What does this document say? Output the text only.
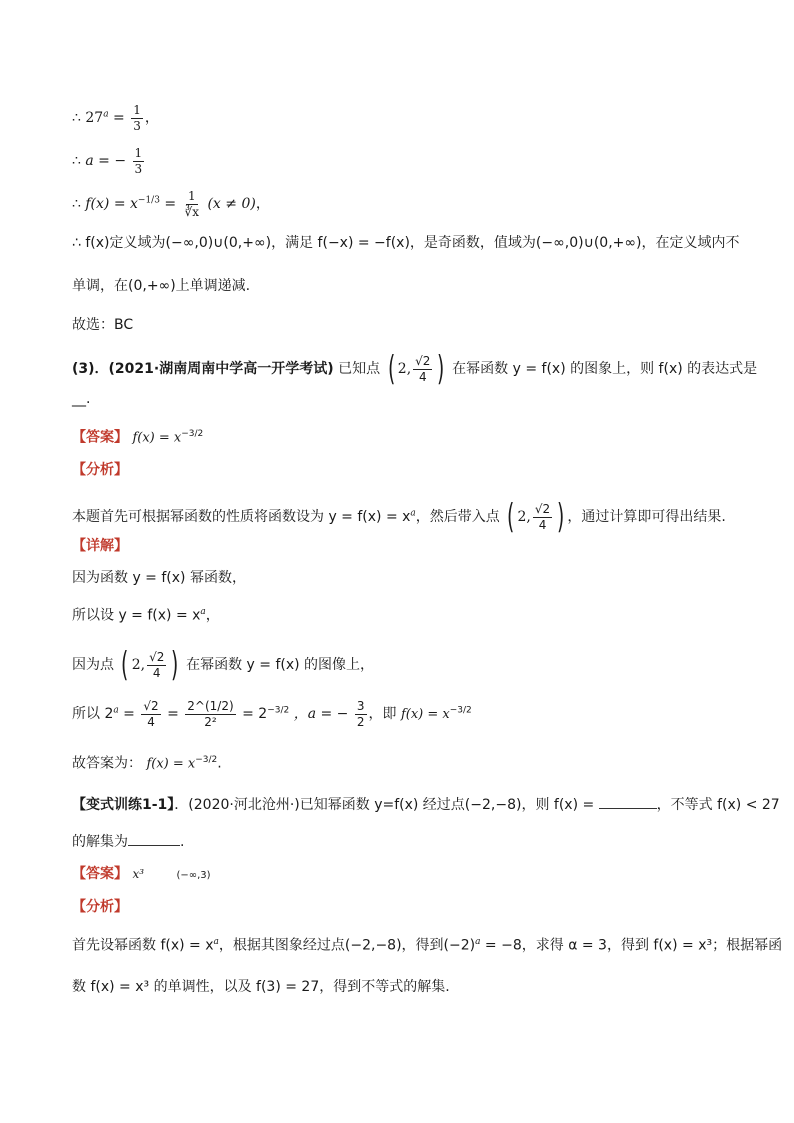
∴ $27^a = \frac{1}{3}$ ，
∴ a = − $\frac{1}{3}$
∴ $f(x) = x^{-1/3} = \frac{1}{∛x} (x \ne 0)$，
∴ f(x)定义域为(−∞,0)∪(0,+∞)，满足 f(−x) = −f(x)，是奇函数，值域为(−∞,0)∪(0,+∞)，在定义域内不
单调，在(0,+∞)上单调递减.
故选：BC
(3)．(2021·湖南周南中学高一开学考试) 已知点 ( 2, $\frac{√2}{4}$ ) 在幂函数 y = f(x) 的图象上，则 f(x) 的表达式是
__.
【答案】 $f(x) = x^{-3/2}$
【分析】
本题首先可根据幂函数的性质将函数设为 $y = f(x) = x^a$，然后带入点 ( 2, $\frac{√2}{4}$ ) ，通过计算即可得出结果.
【详解】
因为函数 y = f(x) 幂函数，
所以设 $y = f(x) = x^a$，
因为点 ( 2, $\frac{√2}{4}$ ) 在幂函数 y = f(x) 的图像上，
所以 $2^a = \frac{√2}{4} = \frac{2\^{}(1/2)}{\text{2²}} = 2^{-3/2}$ ，a = − $\frac{3}{2}$ ，即 $f(x) = x^{-3/2}$
故答案为： $f(x) = x^{-3/2}$.
【变式训练1-1】．(2020·河北沧州·)已知幂函数 y=f(x) 经过点(−2,−8)，则 f(x) =	，不等式 f(x) < 27
的解集为	.
【答案】 x³	(−∞,3)
【分析】
首先设幂函数 $f(x) = x^a$，根据其图象经过点(−2,−8)，得到$(-2)^a = -8$，求得 α = 3，得到 f(x) = x³；根据幂函
数 f(x) = x³ 的单调性，以及 f(3) = 27，得到不等式的解集.
